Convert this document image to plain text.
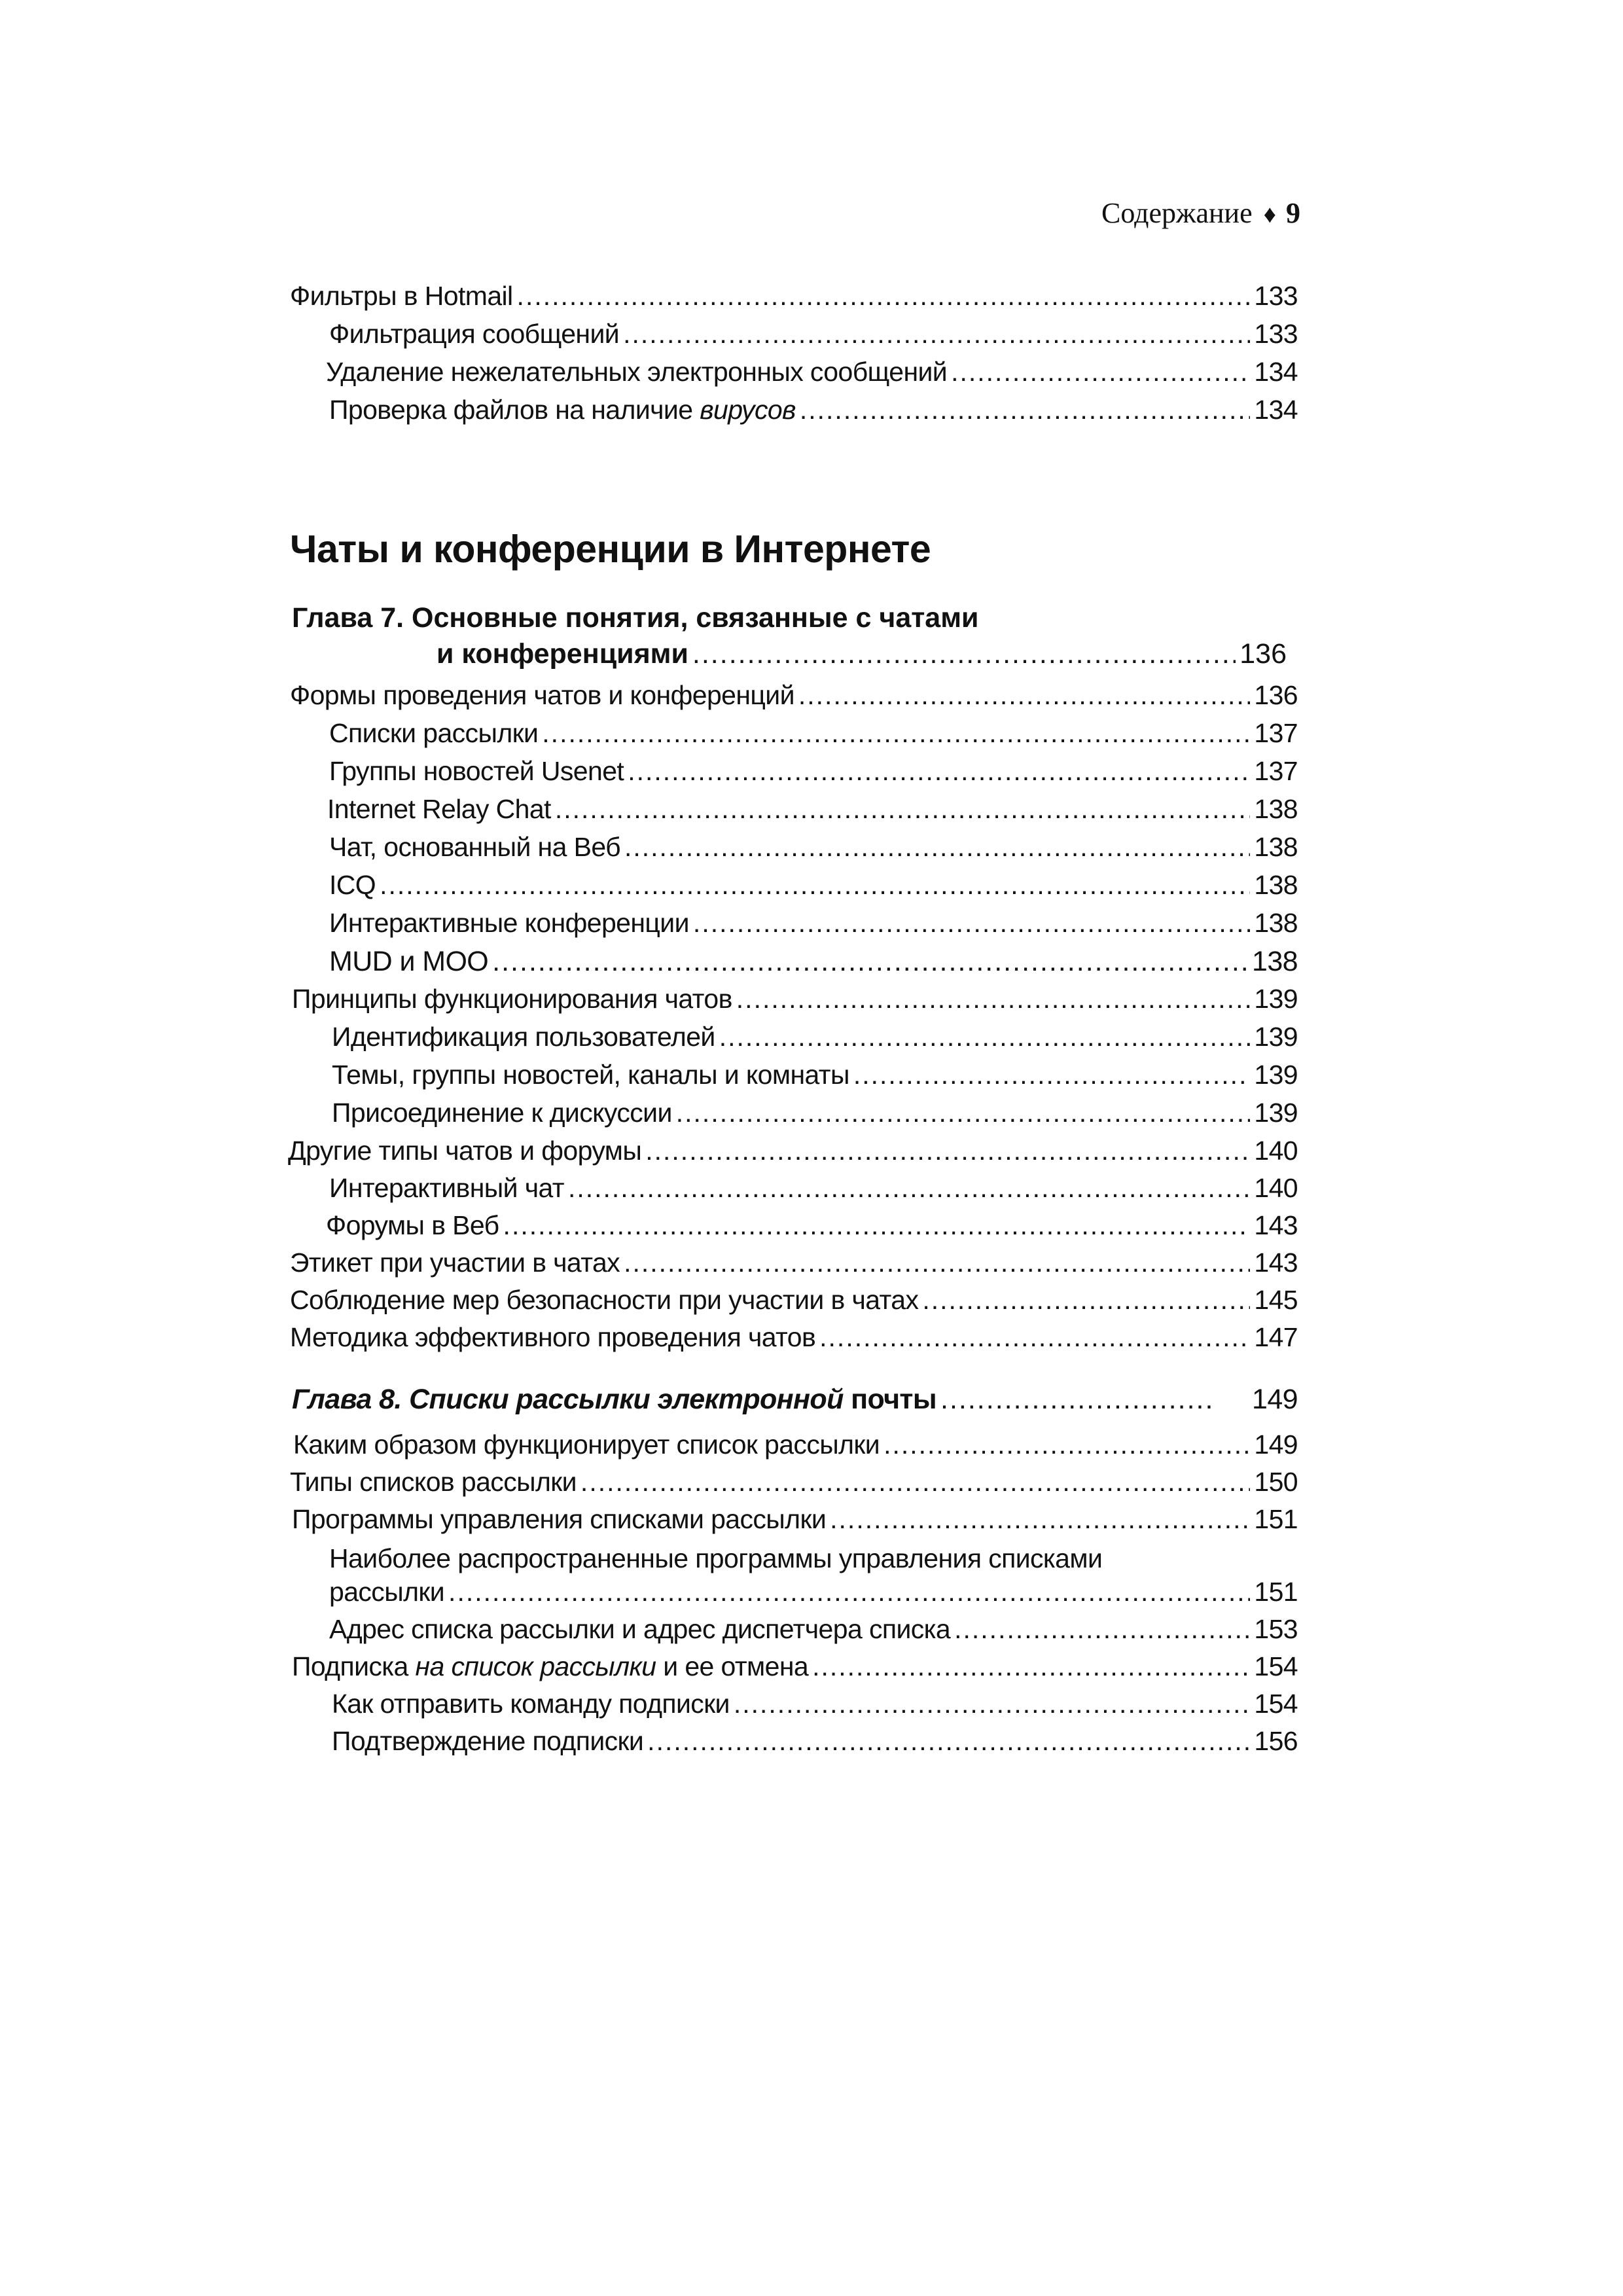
Содержание ♦ 9
Фильтры в Hotmail .....	133
Фильтрация сообщений .....	133
Удаление нежелательных электронных сообщений .....	134
Проверка файлов на наличие вирусов .....	134
Чаты и конференции в Интернете
Глава 7. Основные понятия, связанные с чатами
и конференциями .....	136
Формы проведения чатов и конференций .....	136
Списки рассылки .....	137
Группы новостей Usenet .....	137
Internet Relay Chat .....	138
Чат, основанный на Веб .....	138
ICQ .....	138
Интерактивные конференции .....	138
MUD и MOO .....	138
Принципы функционирования чатов .....	139
Идентификация пользователей .....	139
Темы, группы новостей, каналы и комнаты .....	139
Присоединение к дискуссии .....	139
Другие типы чатов и форумы .....	140
Интерактивный чат .....	140
Форумы в Веб .....	143
Этикет при участии в чатах .....	143
Соблюдение мер безопасности при участии в чатах .....	145
Методика эффективного проведения чатов .....	147
Глава 8. Списки рассылки электронной почты .....	149
Каким образом функционирует список рассылки .....	149
Типы списков рассылки .....	150
Программы управления списками рассылки .....	151
Наиболее распространенные программы управления списками
рассылки .....	151
Адрес списка рассылки и адрес диспетчера списка .....	153
Подписка на список рассылки и ее отмена .....	154
Как отправить команду подписки .....	154
Подтверждение подписки .....	156
